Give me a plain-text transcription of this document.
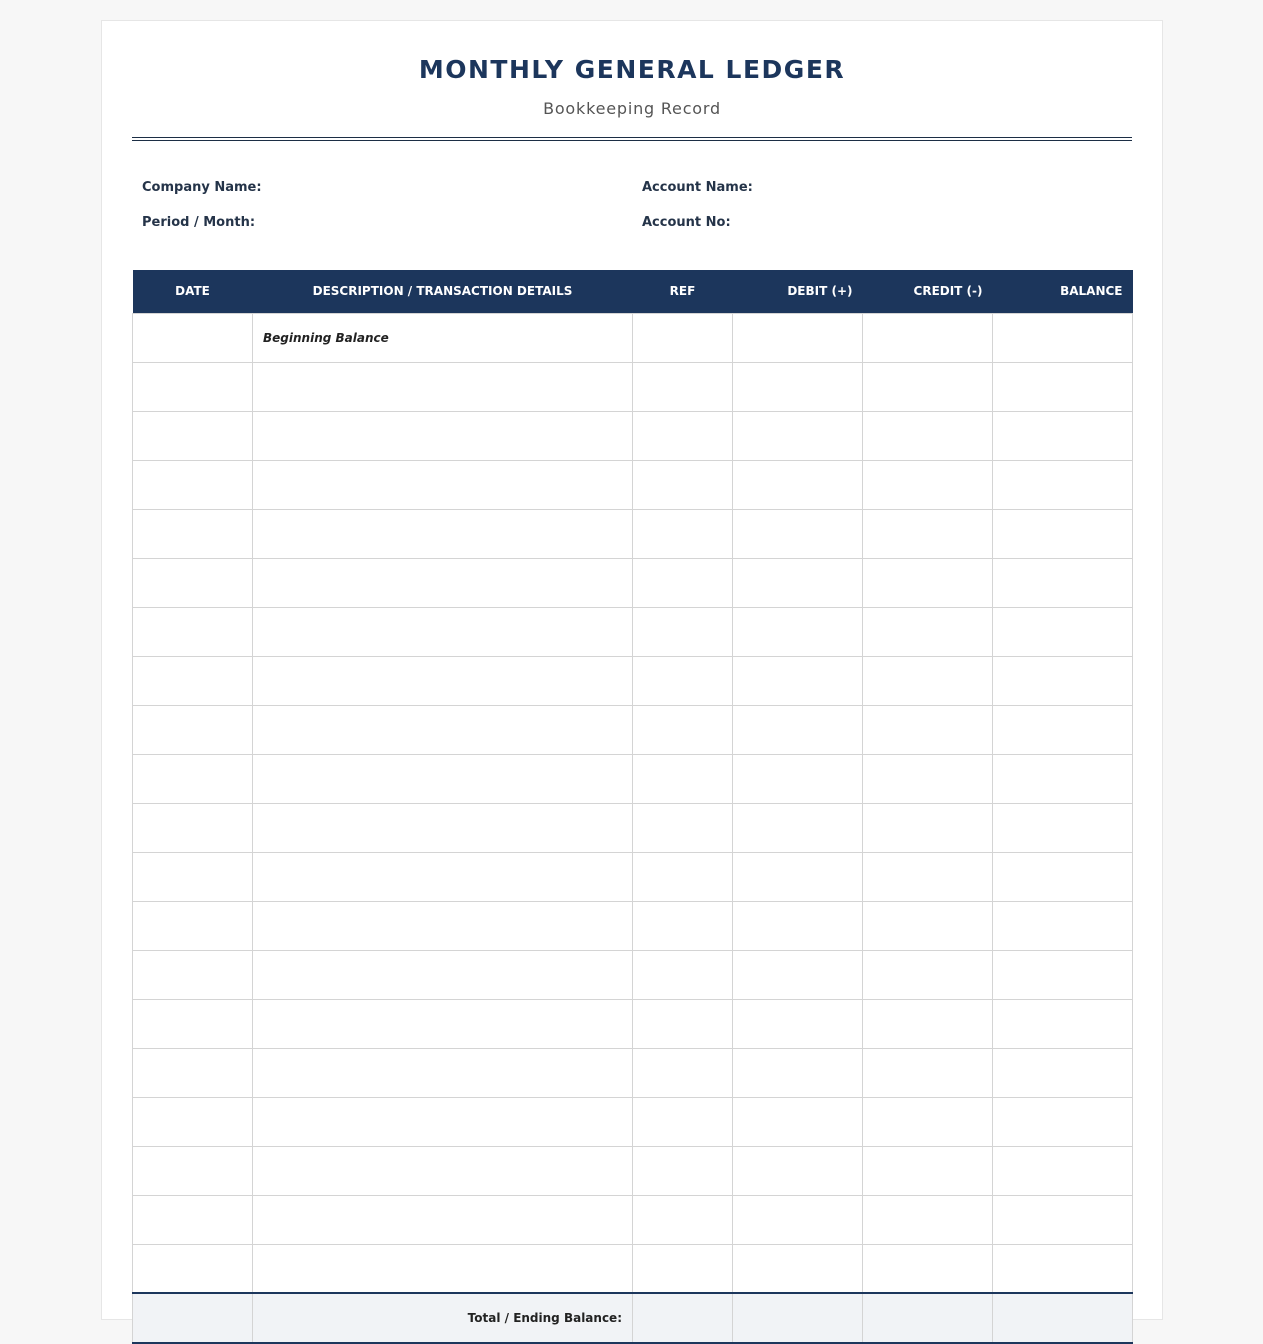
MONTHLY GENERAL LEDGER
Bookkeeping Record
Company Name:
Period / Month:
Account Name:
Account No:
DATE	DESCRIPTION / TRANSACTION DETAILS	REF	DEBIT (+)	CREDIT (-)	BALANCE
	Beginning Balance				

	Total / Ending Balance:				
